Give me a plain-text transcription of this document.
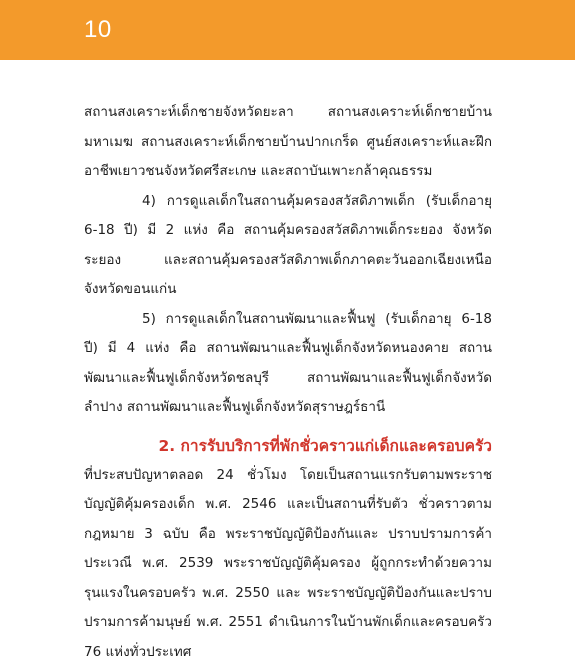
10

สถานสงเคราะห์เด็กชายจังหวัดยะลา สถานสงเคราะห์เด็กชายบ้านมหาเมฆ สถานสงเคราะห์เด็กชายบ้านปากเกร็ด ศูนย์สงเคราะห์และฝึกอาชีพเยาวชนจังหวัดศรีสะเกษ และสถาบันเพาะกล้าคุณธรรม

4) การดูแลเด็กในสถานคุ้มครองสวัสดิภาพเด็ก (รับเด็กอายุ 6-18 ปี) มี 2 แห่ง คือ สถานคุ้มครองสวัสดิภาพเด็กระยอง จังหวัดระยอง และสถานคุ้มครองสวัสดิภาพเด็กภาคตะวันออกเฉียงเหนือจังหวัดขอนแก่น

5) การดูแลเด็กในสถานพัฒนาและฟื้นฟู (รับเด็กอายุ 6-18 ปี) มี 4 แห่ง คือ สถานพัฒนาและฟื้นฟูเด็กจังหวัดหนองคาย สถานพัฒนาและฟื้นฟูเด็กจังหวัดชลบุรี สถานพัฒนาและฟื้นฟูเด็กจังหวัดลำปาง สถานพัฒนาและฟื้นฟูเด็กจังหวัดสุราษฎร์ธานี

2. การรับบริการที่พักชั่วคราวแก่เด็กและครอบครัว

ที่ประสบปัญหาตลอด 24 ชั่วโมง โดยเป็นสถานแรกรับตามพระราชบัญญัติคุ้มครองเด็ก พ.ศ. 2546 และเป็นสถานที่รับตัว ชั่วคราวตามกฎหมาย 3 ฉบับ คือ พระราชบัญญัติป้องกันและ ปราบปรามการค้าประเวณี พ.ศ. 2539 พระราชบัญญัติคุ้มครอง ผู้ถูกกระทำด้วยความรุนแรงในครอบครัว พ.ศ. 2550 และ พระราชบัญญัติป้องกันและปราบปรามการค้ามนุษย์ พ.ศ. 2551 ดำเนินการในบ้านพักเด็กและครอบครัว 76 แห่งทั่วประเทศ
